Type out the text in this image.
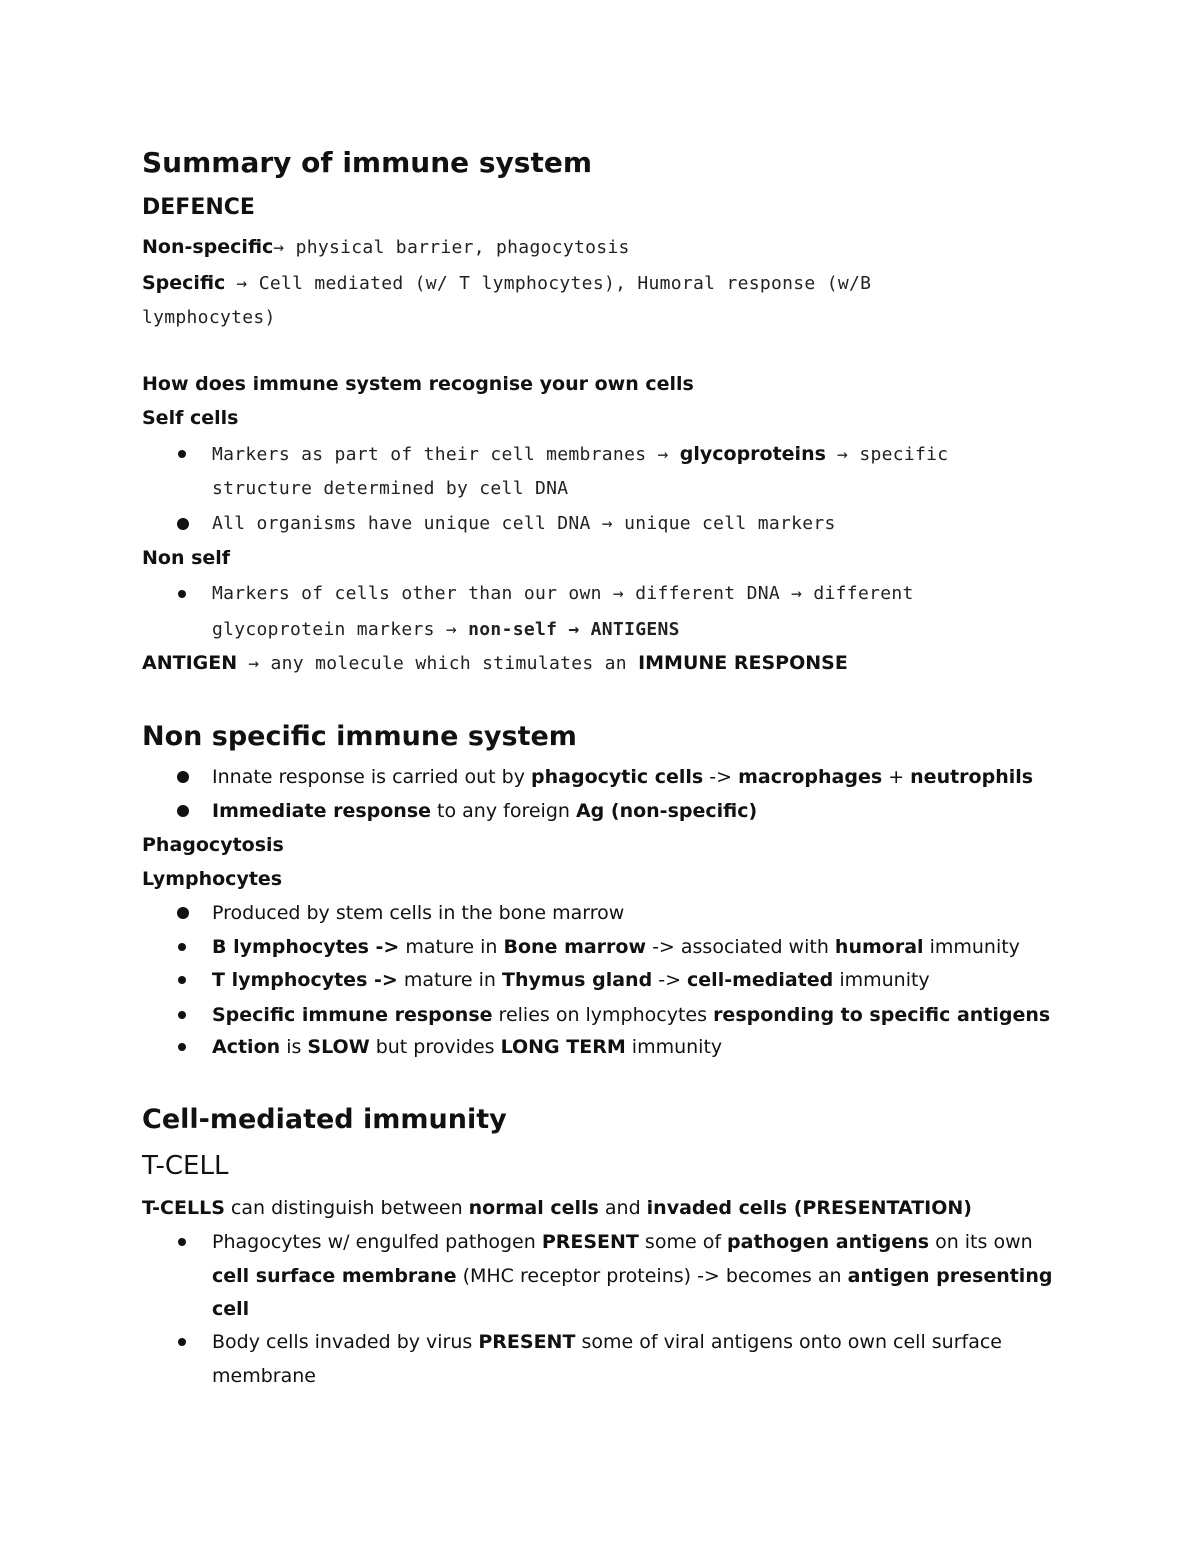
Summary of immune system
DEFENCE
Non-specific→ physical barrier, phagocytosis
Specific → Cell mediated (w/ T lymphocytes), Humoral response (w/B
lymphocytes)
How does immune system recognise your own cells
Self cells
Markers as part of their cell membranes → glycoproteins → specific
structure determined by cell DNA
All organisms have unique cell DNA → unique cell markers
Non self
Markers of cells other than our own → different DNA → different
glycoprotein markers → non-self → ANTIGENS
ANTIGEN → any molecule which stimulates an IMMUNE RESPONSE
Non specific immune system
Innate response is carried out by phagocytic cells -> macrophages + neutrophils
Immediate response to any foreign Ag (non-specific)
Phagocytosis
Lymphocytes
Produced by stem cells in the bone marrow
B lymphocytes -> mature in Bone marrow -> associated with humoral immunity
T lymphocytes -> mature in Thymus gland -> cell-mediated immunity
Specific immune response relies on lymphocytes responding to specific antigens
Action is SLOW but provides LONG TERM immunity
Cell-mediated immunity
T-CELL
T-CELLS can distinguish between normal cells and invaded cells (PRESENTATION)
Phagocytes w/ engulfed pathogen PRESENT some of pathogen antigens on its own
cell surface membrane (MHC receptor proteins) -> becomes an antigen presenting
cell
Body cells invaded by virus PRESENT some of viral antigens onto own cell surface
membrane
